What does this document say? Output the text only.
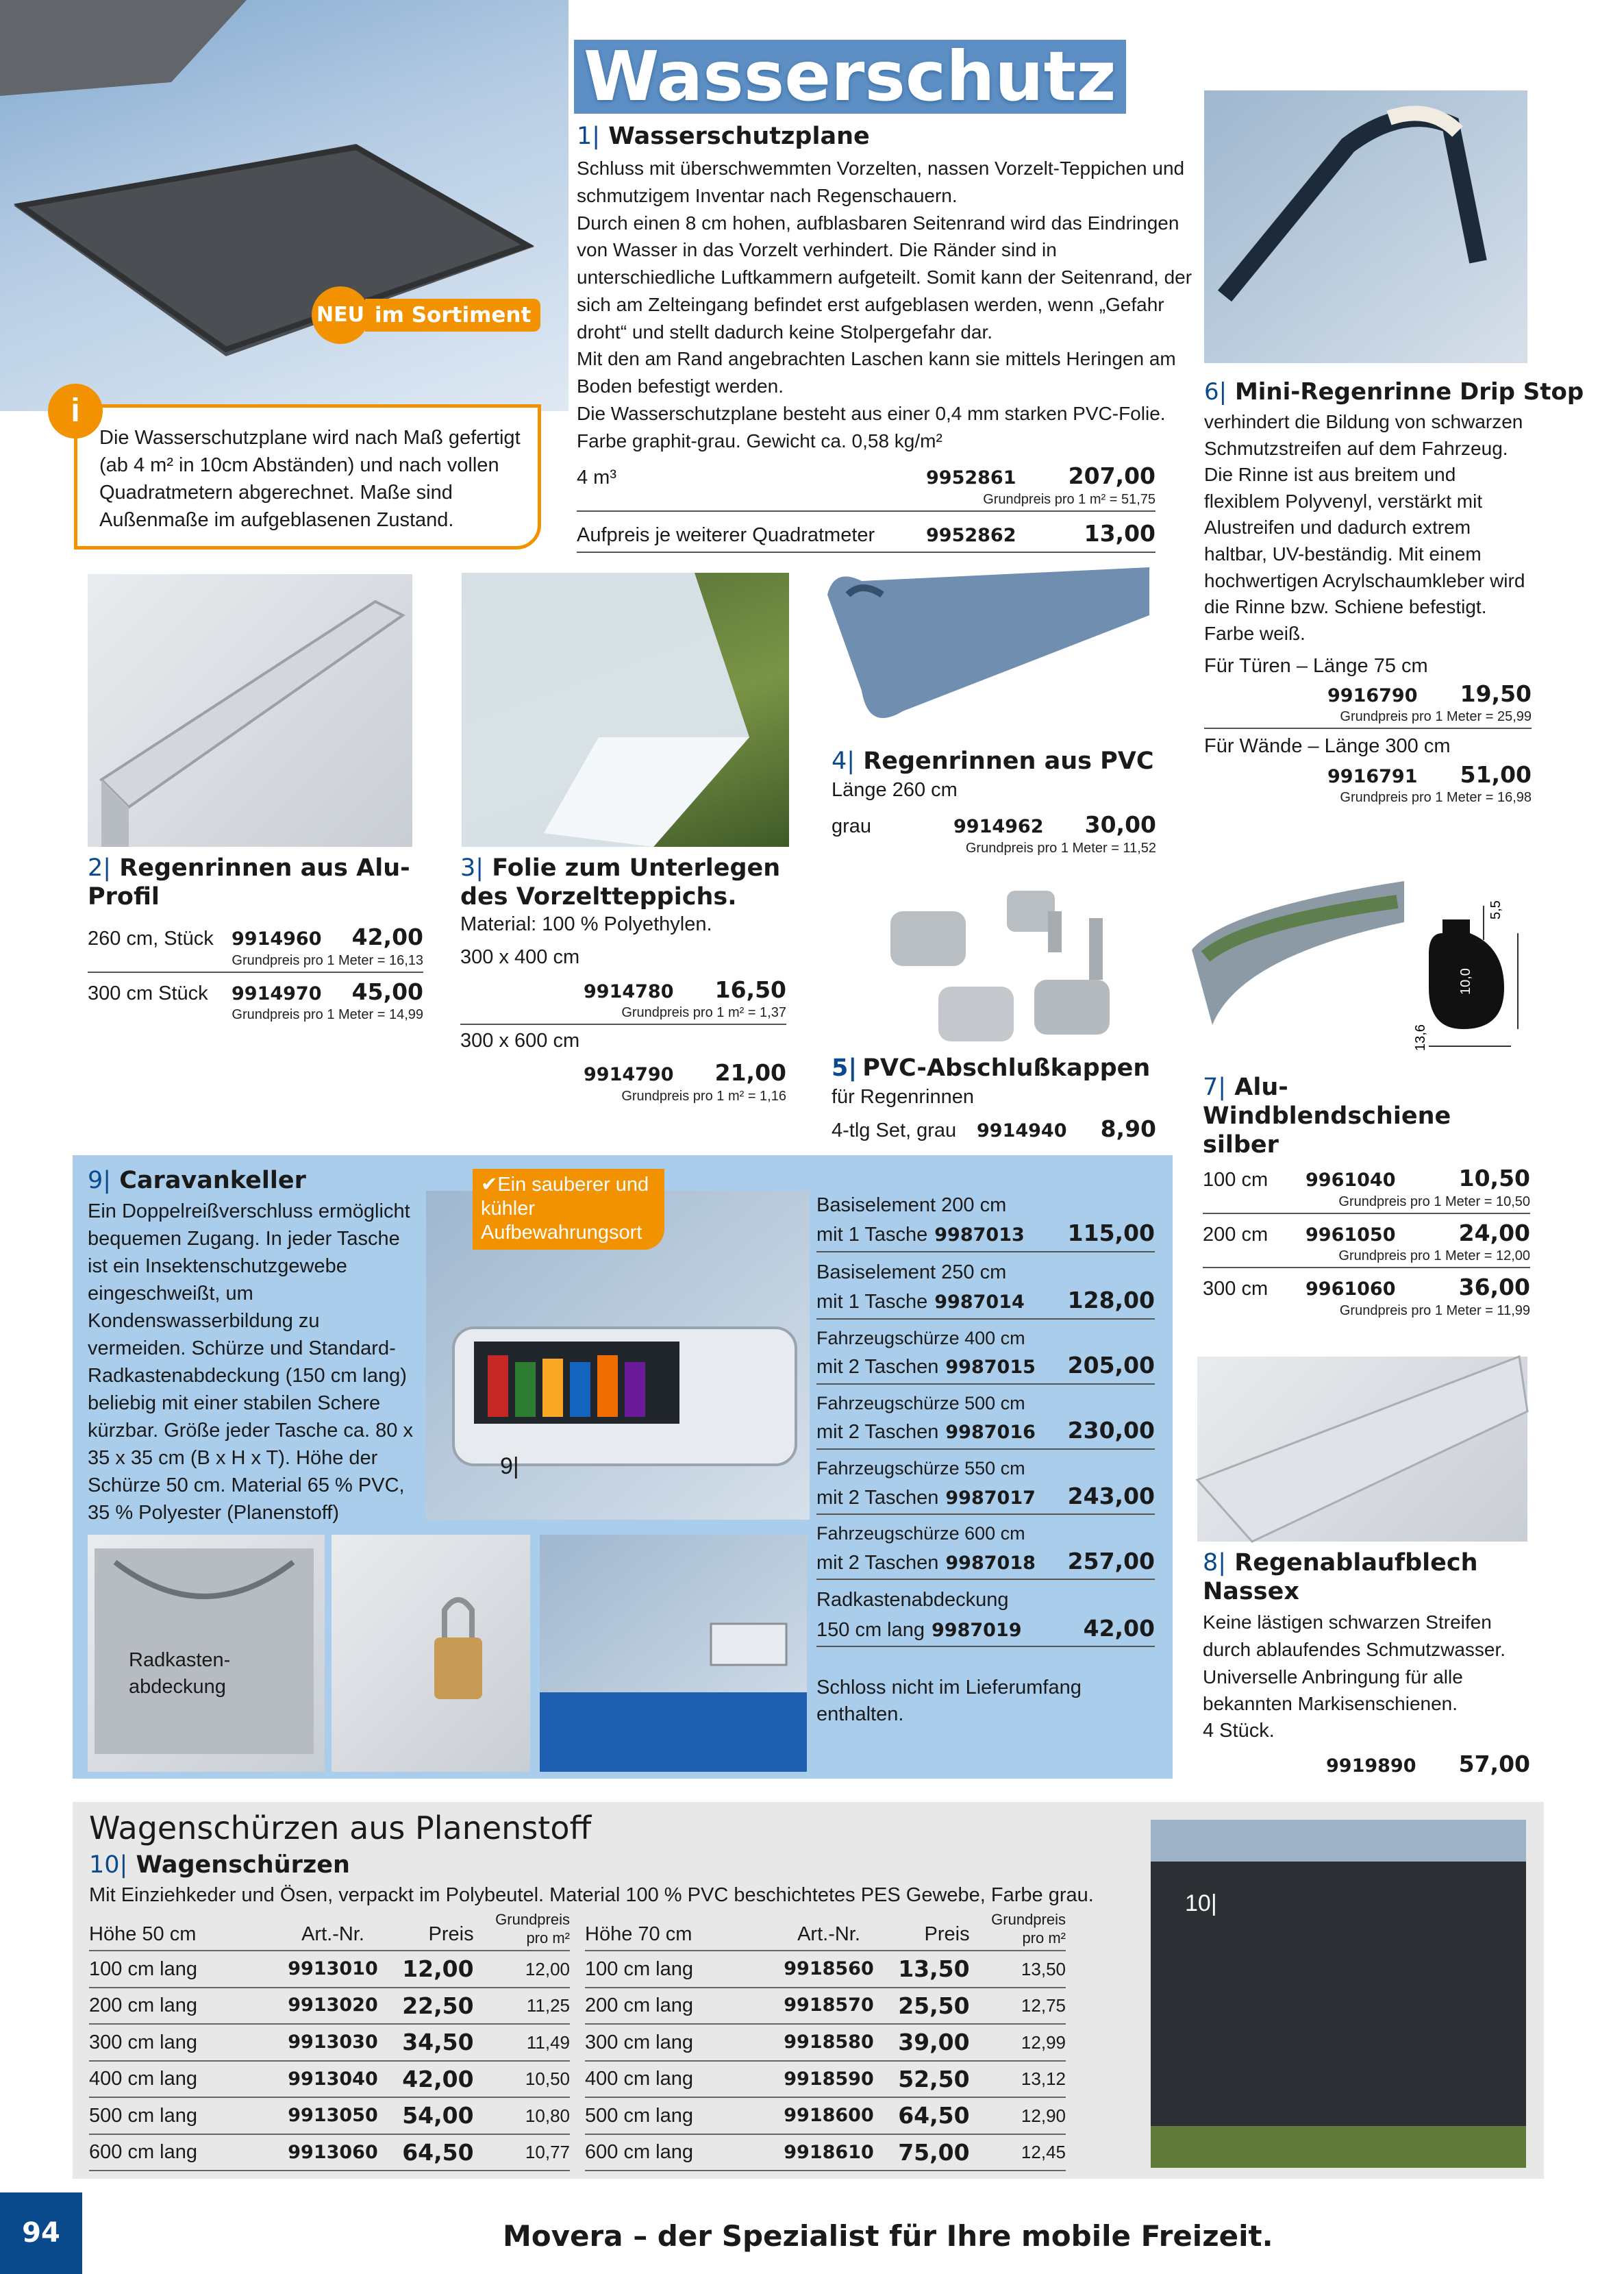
NEU im Sortiment
Die Wasserschutzplane wird nach Maß gefertigt (ab 4 m² in 10cm Abständen) und nach vollen Quadratmetern abgerechnet. Maße sind Außenmaße im aufgeblasenen Zustand.
i
Wasserschutz
1| Wasserschutzplane
Schluss mit überschwemmten Vorzelten, nassen Vorzelt-Teppichen und schmutzigem Inventar nach Regenschauern.
Durch einen 8 cm hohen, aufblasbaren Seitenrand wird das Eindringen von Wasser in das Vorzelt verhindert. Die Ränder sind in unterschiedliche Luftkammern aufgeteilt. Somit kann der Seitenrand, der sich am Zelteingang befindet erst aufgeblasen werden, wenn „Gefahr droht“ und stellt dadurch keine Stolpergefahr dar.
Mit den am Rand angebrachten Laschen kann sie mittels Heringen am Boden befestigt werden.
Die Wasserschutzplane besteht aus einer 0,4 mm starken PVC-Folie. Farbe graphit-grau. Gewicht ca. 0,58 kg/m²
4 m³	9952861 207,00
Grundpreis pro 1 m² = 51,75
Aufpreis je weiterer Quadratmeter	9952862	13,00
6| Mini-Regenrinne Drip Stop
verhindert die Bildung von schwarzen Schmutzstreifen auf dem Fahrzeug. Die Rinne ist aus breitem und flexiblem Polyvenyl, verstärkt mit Alustreifen und dadurch extrem haltbar, UV-beständig. Mit einem hochwertigen Acrylschaumkleber wird die Rinne bzw. Schiene befestigt. Farbe weiß.
Für Türen – Länge 75 cm
9916790 19,50
Grundpreis pro 1 Meter = 25,99
Für Wände – Länge 300 cm
9916791 51,00
Grundpreis pro 1 Meter = 16,98
2| Regenrinnen aus Alu-Profil
260 cm, Stück 9914960 42,00
Grundpreis pro 1 Meter = 16,13
300 cm Stück	9914970 45,00
Grundpreis pro 1 Meter = 14,99
3| Folie zum Unterlegen des Vorzeltteppichs.
Material: 100 % Polyethylen.
300 x 400 cm
9914780 16,50
Grundpreis pro 1 m² = 1,37
300 x 600 cm
9914790 21,00
Grundpreis pro 1 m² = 1,16
4| Regenrinnen aus PVC
Länge 260 cm
grau	9914962 30,00
Grundpreis pro 1 Meter = 11,52
5| PVC-Abschlußkappen für Regenrinnen
4-tlg Set, grau	9914940 8,90
5,5
10,0
13,6
7| Alu-Windblendschiene silber
100 cm	9961040	10,50
Grundpreis pro 1 Meter = 10,50
200 cm	9961050	24,00
Grundpreis pro 1 Meter = 12,00
300 cm	9961060	36,00
Grundpreis pro 1 Meter = 11,99
8| Regenablaufblech Nassex
Keine lästigen schwarzen Streifen durch ablaufendes Schmutzwasser. Universelle Anbringung für alle bekannten Markisenschienen.
4 Stück.
9919890 57,00
9| Caravankeller
Ein Doppelreißverschluss ermöglicht bequemen Zugang. In jeder Tasche ist ein Insektenschutzgewebe eingeschweißt, um Kondenswasserbildung zu vermeiden. Schürze und Standard-Radkastenabdeckung (150 cm lang) beliebig mit einer stabilen Schere kürzbar. Größe jeder Tasche ca. 80 x 35 x 35 cm (B x H x T). Höhe der Schürze 50 cm. Material 65 % PVC, 35 % Polyester (Planenstoff)
✔Ein sauberer und kühler Aufbewahrungsort
9|
Radkasten-abdeckung
Basiselement 200 cm
mit 1 Tasche 9987013 115,00
Basiselement 250 cm
mit 1 Tasche 9987014 128,00
Fahrzeugschürze 400 cm
mit 2 Taschen 9987015 205,00
Fahrzeugschürze 500 cm
mit 2 Taschen 9987016 230,00
Fahrzeugschürze 550 cm
mit 2 Taschen 9987017 243,00
Fahrzeugschürze 600 cm
mit 2 Taschen 9987018 257,00
Radkastenabdeckung
150 cm lang 9987019	42,00
Schloss nicht im Lieferumfang enthalten.
Wagenschürzen aus Planenstoff
10| Wagenschürzen
Mit Einziehkeder und Ösen, verpackt im Polybeutel. Material 100 % PVC beschichtetes PES Gewebe, Farbe grau.
Höhe 50 cm	Art.-Nr.	Preis	Grundpreis
pro m²

100 cm lang	9913010	12,00	12,00
200 cm lang	9913020	22,50	11,25
300 cm lang	9913030	34,50	11,49
400 cm lang	9913040	42,00	10,50
500 cm lang	9913050	54,00	10,80
600 cm lang	9913060	64,50	10,77
Höhe 70 cm	Art.-Nr.	Preis	Grundpreis
pro m²

100 cm lang	9918560	13,50	13,50
200 cm lang	9918570	25,50	12,75
300 cm lang	9918580	39,00	12,99
400 cm lang	9918590	52,50	13,12
500 cm lang	9918600	64,50	12,90
600 cm lang	9918610	75,00	12,45
10|
94	Movera – der Spezialist für Ihre mobile Freizeit.
